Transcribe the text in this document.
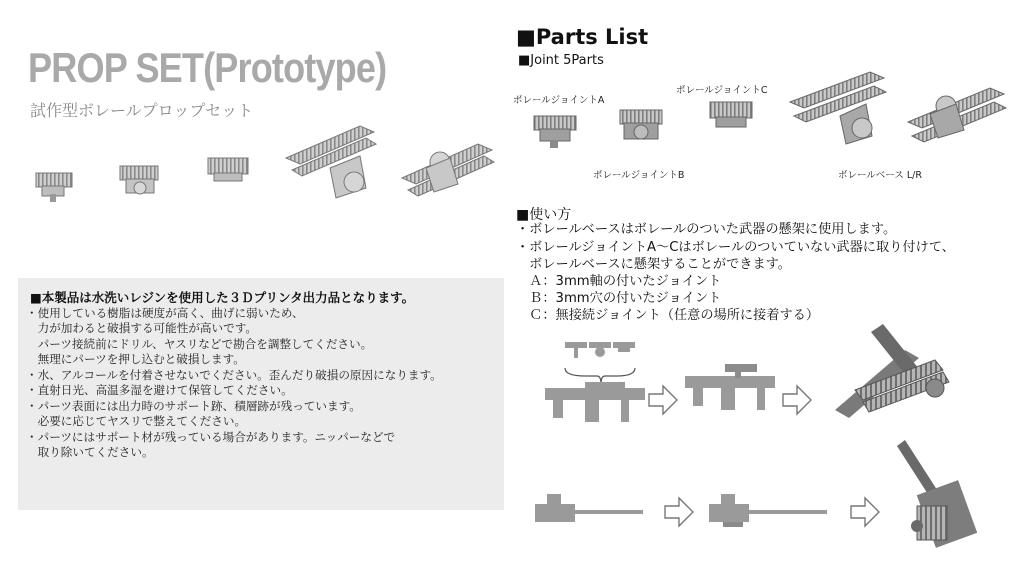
PROP SET(Prototype)
試作型ボレールプロップセット
■本製品は水洗いレジンを使用した３Ｄプリンタ出力品となります。
・使用している樹脂は硬度が高く、曲げに弱いため、
　力が加わると破損する可能性が高いです。
　パーツ接続前にドリル、ヤスリなどで勘合を調整してください。
　無理にパーツを押し込むと破損します。
・水、アルコールを付着させないでください。歪んだり破損の原因になります。
・直射日光、高温多湿を避けて保管してください。
・パーツ表面には出力時のサポート跡、積層跡が残っています。
　必要に応じてヤスリで整えてください。
・パーツにはサポート材が残っている場合があります。ニッパーなどで
　取り除いてください。
■Parts List
■Joint 5Parts
ボレールジョイントA
ボレールジョイントB
ボレールジョイントC
ボレールベース L/R
■使い方
・ボレールベースはボレールのついた武器の懸架に使用します。
・ボレールジョイントA～Cはボレールのついていない武器に取り付けて、
　ボレールベースに懸架することができます。
　Ａ：3mm軸の付いたジョイント
　Ｂ：3mm穴の付いたジョイント
　Ｃ：無接続ジョイント（任意の場所に接着する）
